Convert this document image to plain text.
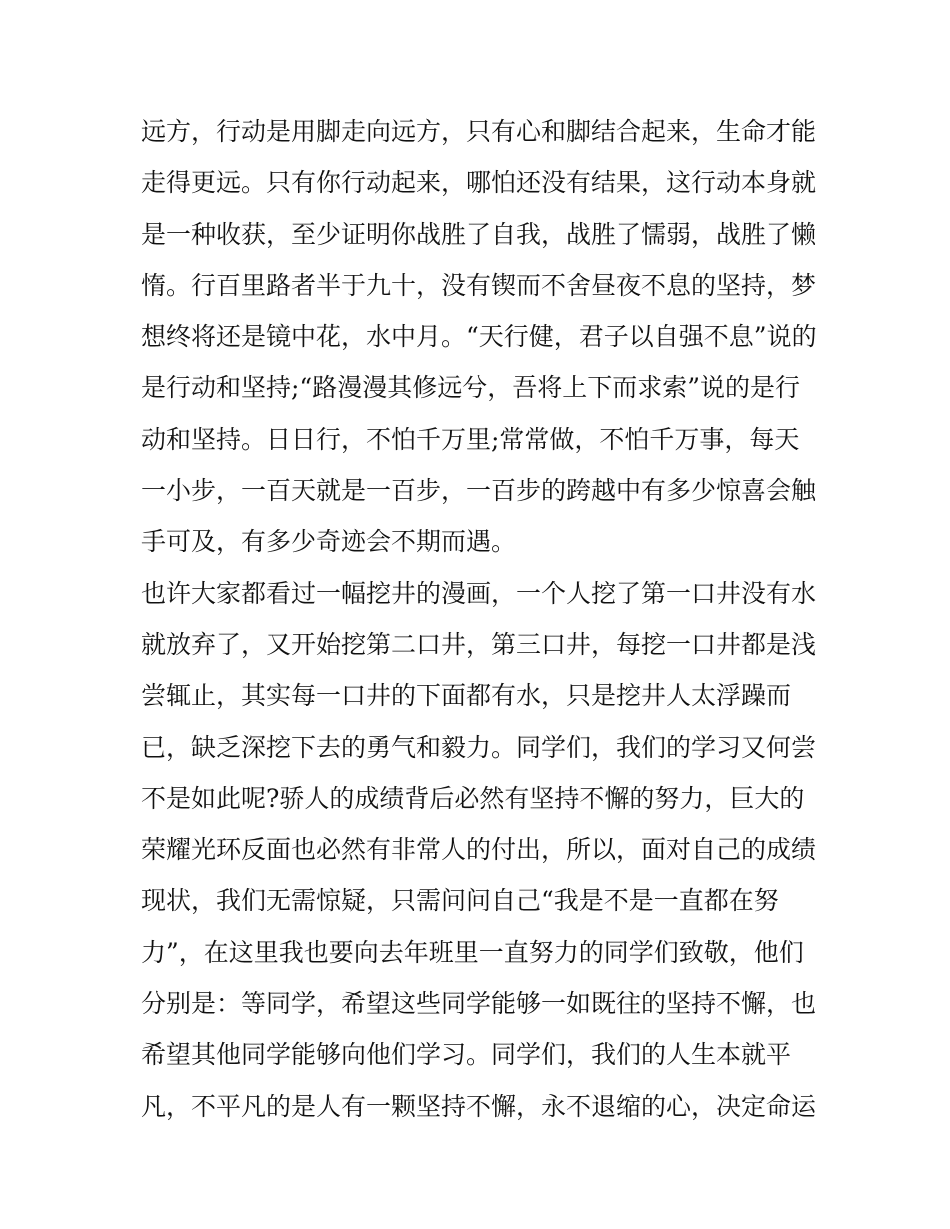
远方，行动是用脚走向远方，只有心和脚结合起来，生命才能
走得更远。只有你行动起来，哪怕还没有结果，这行动本身就
是一种收获，至少证明你战胜了自我，战胜了懦弱，战胜了懒
惰。行百里路者半于九十，没有锲而不舍昼夜不息的坚持，梦
想终将还是镜中花，水中月。“天行健，君子以自强不息”说的
是行动和坚持;“路漫漫其修远兮，吾将上下而求索”说的是行
动和坚持。日日行，不怕千万里;常常做，不怕千万事，每天
一小步，一百天就是一百步，一百步的跨越中有多少惊喜会触
手可及，有多少奇迹会不期而遇。
也许大家都看过一幅挖井的漫画，一个人挖了第一口井没有水
就放弃了，又开始挖第二口井，第三口井，每挖一口井都是浅
尝辄止，其实每一口井的下面都有水，只是挖井人太浮躁而
已，缺乏深挖下去的勇气和毅力。同学们，我们的学习又何尝
不是如此呢?骄人的成绩背后必然有坚持不懈的努力，巨大的
荣耀光环反面也必然有非常人的付出，所以，面对自己的成绩
现状，我们无需惊疑，只需问问自己“我是不是一直都在努
力”，在这里我也要向去年班里一直努力的同学们致敬，他们
分别是：等同学，希望这些同学能够一如既往的坚持不懈，也
希望其他同学能够向他们学习。同学们，我们的人生本就平
凡，不平凡的是人有一颗坚持不懈，永不退缩的心，决定命运
